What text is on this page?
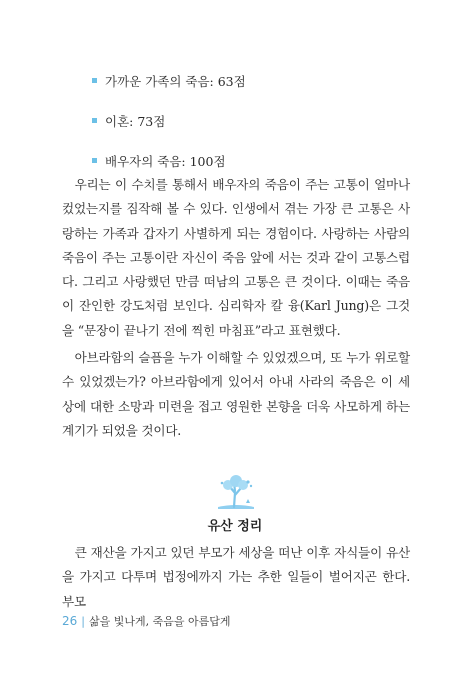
가까운 가족의 죽음: 63점
이혼: 73점
배우자의 죽음: 100점

우리는 이 수치를 통해서 배우자의 죽음이 주는 고통이 얼마나 컸었는지를 짐작해 볼 수 있다. 인생에서 겪는 가장 큰 고통은 사랑하는 가족과 갑자기 사별하게 되는 경험이다. 사랑하는 사람의 죽음이 주는 고통이란 자신이 죽음 앞에 서는 것과 같이 고통스럽다. 그리고 사랑했던 만큼 떠남의 고통은 큰 것이다. 이때는 죽음이 잔인한 강도처럼 보인다. 심리학자 칼 융(Karl Jung)은 그것을 “문장이 끝나기 전에 찍힌 마침표”라고 표현했다.

아브라함의 슬픔을 누가 이해할 수 있었겠으며, 또 누가 위로할 수 있었겠는가? 아브라함에게 있어서 아내 사라의 죽음은 이 세상에 대한 소망과 미련을 접고 영원한 본향을 더욱 사모하게 하는 계기가 되었을 것이다.

유산 정리

큰 재산을 가지고 있던 부모가 세상을 떠난 이후 자식들이 유산을 가지고 다투며 법정에까지 가는 추한 일들이 벌어지곤 한다. 부모

26 | 삶을 빛나게, 죽음을 아름답게
